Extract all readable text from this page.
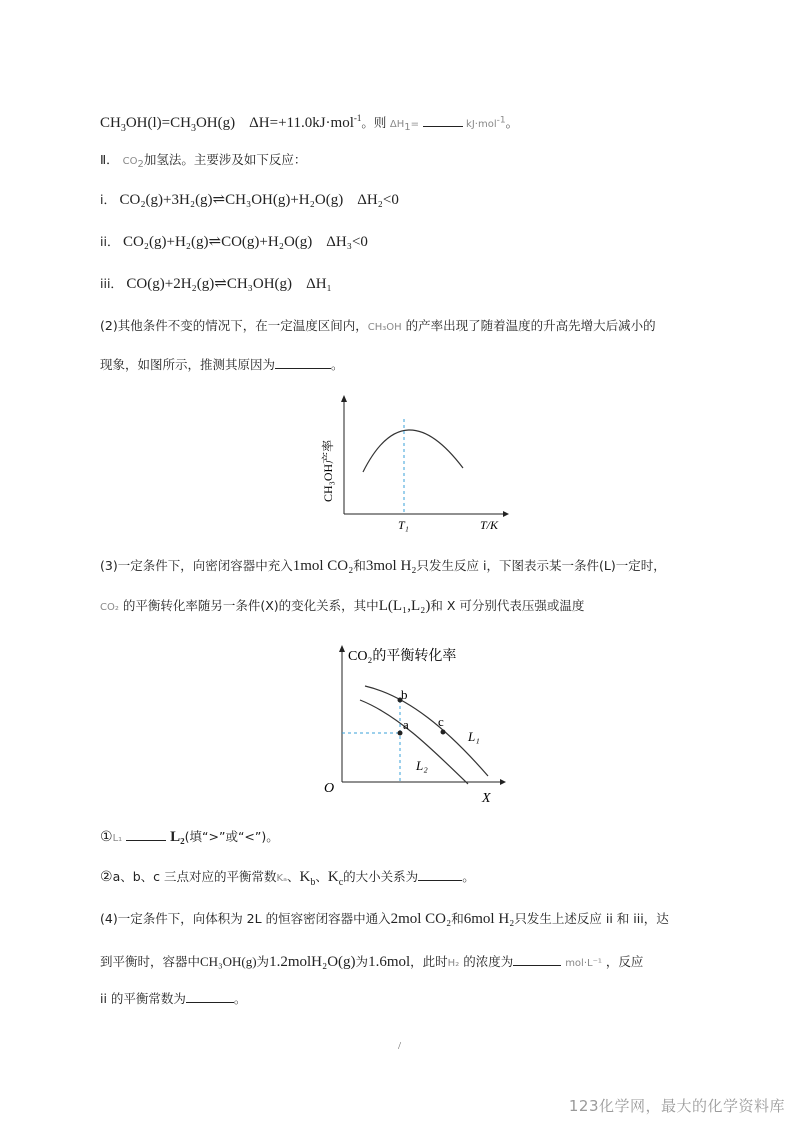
$CH_3OH(l)=CH_3OH(g)$ ΔH=+11.0kJ·mol$^{-1}$。则 $\Delta H_1=$	kJ·mol$^{-1}$。
Ⅱ． $CO_2$加氢法。主要涉及如下反应：
i． CO₂(g)+3H₂(g)⇌CH₃OH(g)+H₂O(g) ΔH₂<0
ii． CO₂(g)+H₂(g)⇌CO(g)+H₂O(g) ΔH₃<0
iii． CO(g)+2H₂(g)⇌CH₃OH(g) ΔH₁
(2)其他条件不变的情况下，在一定温度区间内，CH₃OH 的产率出现了随着温度的升高先增大后减小的
现象，如图所示，推测其原因为	。
CH₃OH产率
T₁	T/K
(3)一定条件下，向密闭容器中充入1mol CO₂和3mol H₂只发生反应 i，下图表示某一条件(L)一定时，
CO₂ 的平衡转化率随另一条件(X)的变化关系，其中L(L₁,L₂)和 X 可分别代表压强或温度
CO₂的平衡转化率
a
b
c
L₁
L₂
O
X
①L₁	L₂(填“>”或“<”)。
②a、b、c 三点对应的平衡常数Kₐ、$K_b$、$K_c$的大小关系为	。
(4)一定条件下，向体积为 2L 的恒容密闭容器中通入2mol CO₂和6mol H₂只发生上述反应 ii 和 iii，达
到平衡时，容器中CH₃OH(g)为1.2molH₂O(g)为1.6mol，此时H₂ 的浓度为	mol·L⁻¹ ，反应
ii 的平衡常数为	。
/
123化学网，最大的化学资料库
